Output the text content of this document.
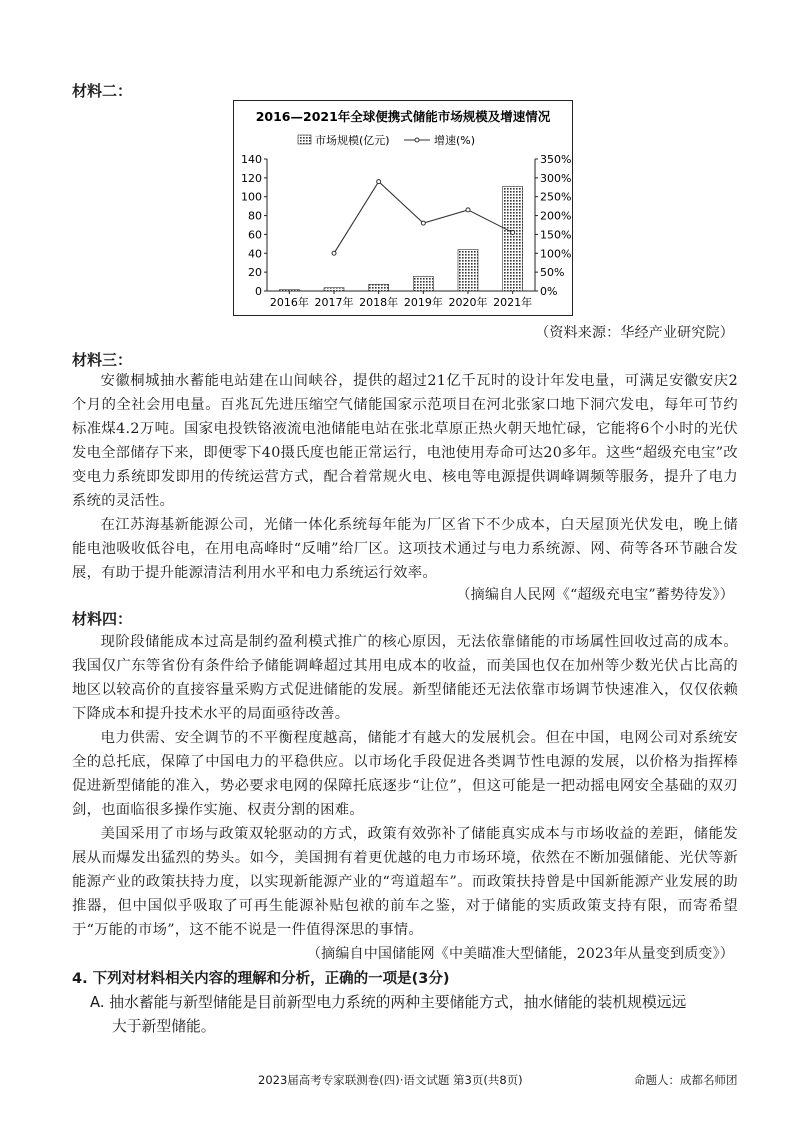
材料二：
2016—2021年全球便携式储能市场规模及增速情况
市场规模(亿元)	增速(%)
0
20
40
60
80
100
120
140
0%
50%
100%
150%
200%
250%
300%
350%
2016年 2017年 2018年 2019年 2020年 2021年
（资料来源：华经产业研究院）
材料三：

安徽桐城抽水蓄能电站建在山间峡谷，提供的超过21亿千瓦时的设计年发电量，可满足安徽安庆2个月的全社会用电量。百兆瓦先进压缩空气储能国家示范项目在河北张家口地下洞穴发电，每年可节约标准煤4.2万吨。国家电投铁铬液流电池储能电站在张北草原正热火朝天地忙碌，它能将6个小时的光伏发电全部储存下来，即便零下40摄氏度也能正常运行，电池使用寿命可达20多年。这些“超级充电宝”改变电力系统即发即用的传统运营方式，配合着常规火电、核电等电源提供调峰调频等服务，提升了电力系统的灵活性。

在江苏海基新能源公司，光储一体化系统每年能为厂区省下不少成本，白天屋顶光伏发电，晚上储能电池吸收低谷电，在用电高峰时“反哺”给厂区。这项技术通过与电力系统源、网、荷等各环节融合发展，有助于提升能源清洁利用水平和电力系统运行效率。

（摘编自人民网《“超级充电宝”蓄势待发》）
材料四：

现阶段储能成本过高是制约盈利模式推广的核心原因，无法依靠储能的市场属性回收过高的成本。我国仅广东等省份有条件给予储能调峰超过其用电成本的收益，而美国也仅在加州等少数光伏占比高的地区以较高价的直接容量采购方式促进储能的发展。新型储能还无法依靠市场调节快速准入，仅仅依赖下降成本和提升技术水平的局面亟待改善。

电力供需、安全调节的不平衡程度越高，储能才有越大的发展机会。但在中国，电网公司对系统安全的总托底，保障了中国电力的平稳供应。以市场化手段促进各类调节性电源的发展，以价格为指挥棒促进新型储能的准入，势必要求电网的保障托底逐步“让位”，但这可能是一把动摇电网安全基础的双刃剑，也面临很多操作实施、权责分割的困难。

美国采用了市场与政策双轮驱动的方式，政策有效弥补了储能真实成本与市场收益的差距，储能发展从而爆发出猛烈的势头。如今，美国拥有着更优越的电力市场环境，依然在不断加强储能、光伏等新能源产业的政策扶持力度，以实现新能源产业的“弯道超车”。而政策扶持曾是中国新能源产业发展的助推器，但中国似乎吸取了可再生能源补贴包袱的前车之鉴，对于储能的实质政策支持有限，而寄希望于“万能的市场”，这不能不说是一件值得深思的事情。

（摘编自中国储能网《中美瞄准大型储能，2023年从量变到质变》）
4. 下列对材料相关内容的理解和分析，正确的一项是(3分)
A. 抽水蓄能与新型储能是目前新型电力系统的两种主要储能方式，抽水储能的装机规模远远
大于新型储能。
2023届高考专家联测卷(四)·语文试题 第3页(共8页)	命题人：成都名师团
